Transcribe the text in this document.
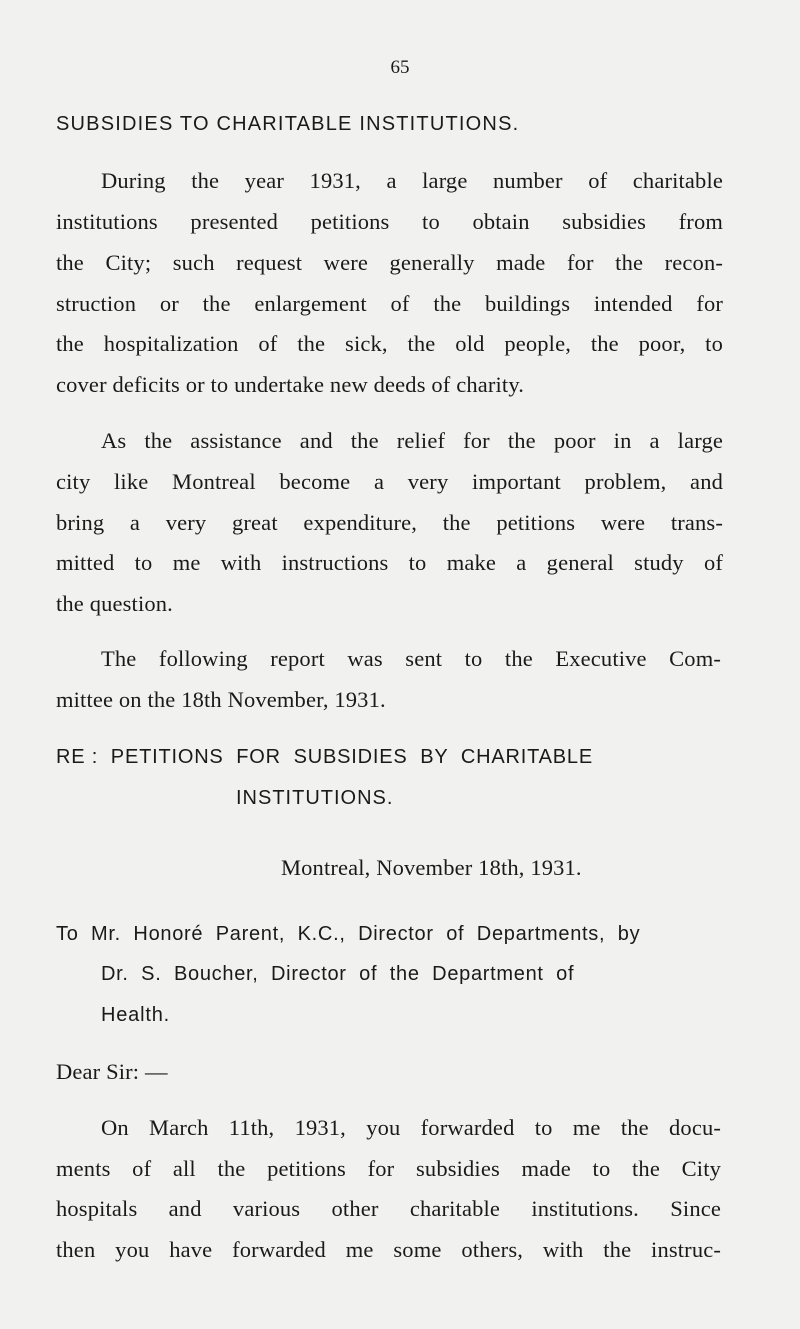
65
SUBSIDIES TO CHARITABLE INSTITUTIONS.
During the year 1931, a large number of charitable
institutions presented petitions to obtain subsidies from
the City; such request were generally made for the recon-
struction or the enlargement of the buildings intended for
the hospitalization of the sick, the old people, the poor, to
cover deficits or to undertake new deeds of charity.
As the assistance and the relief for the poor in a large
city like Montreal become a very important problem, and
bring a very great expenditure, the petitions were trans-
mitted to me with instructions to make a general study of
the question.
The following report was sent to the Executive Com-
mittee on the 18th November, 1931.
RE :  PETITIONS  FOR  SUBSIDIES  BY  CHARITABLE
INSTITUTIONS.
Montreal, November 18th, 1931.
To  Mr.  Honoré  Parent,  K.C.,  Director  of  Departments,  by
Dr.  S.  Boucher,  Director  of  the  Department  of
Health.
Dear Sir: —
On March 11th, 1931, you forwarded to me the docu-
ments of all the petitions for subsidies made to the City
hospitals and various other charitable institutions. Since
then you have forwarded me some others, with the instruc-
